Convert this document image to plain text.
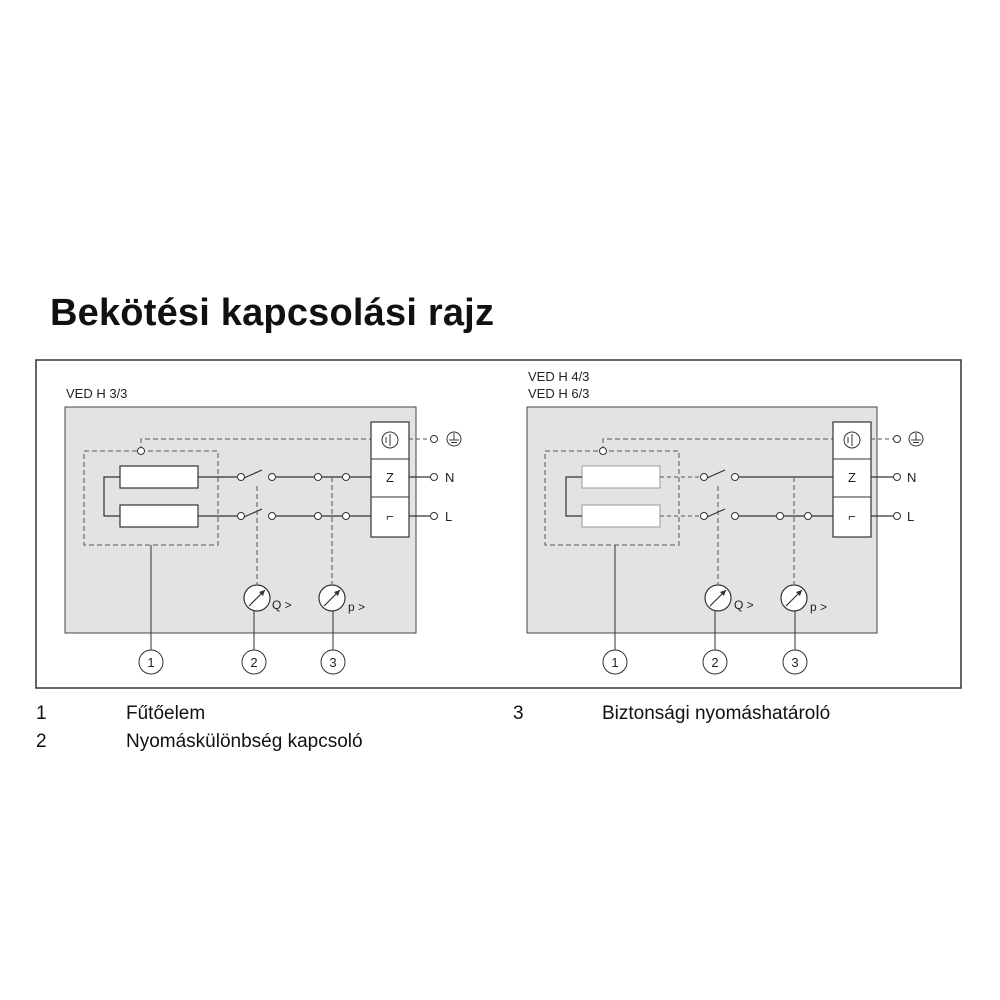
Bekötési kapcsolási rajz
VED H 3/3
Q >	p >
Z
⌐
N
L
1	2	3
VED H 4/3
VED H 6/3
Q >	p >
Z
⌐
N
L
1	2	3
1	Fűtőelem
2	Nyomáskülönbség kapcsoló
3	Biztonsági nyomáshatároló
